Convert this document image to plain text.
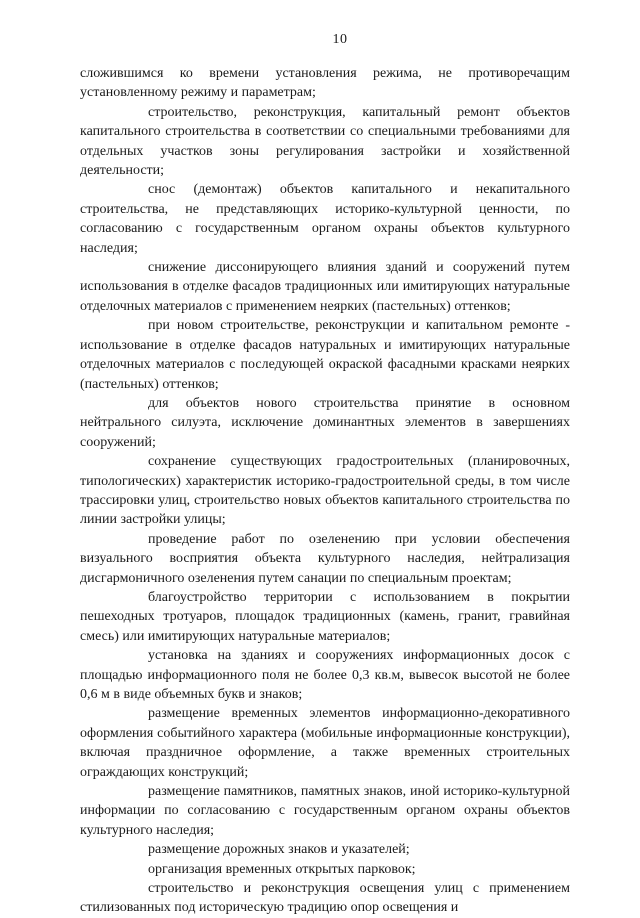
10

сложившимся ко времени установления режима, не противоречащим установленному режиму и параметрам;

строительство, реконструкция, капитальный ремонт объектов капитального строительства в соответствии со специальными требованиями для отдельных участков зоны регулирования застройки и хозяйственной деятельности;

снос (демонтаж) объектов капитального и некапитального строительства, не представляющих историко-культурной ценности, по согласованию с государственным органом охраны объектов культурного наследия;

снижение диссонирующего влияния зданий и сооружений путем использования в отделке фасадов традиционных или имитирующих натуральные отделочных материалов с применением неярких (пастельных) оттенков;

при новом строительстве, реконструкции и капитальном ремонте - использование в отделке фасадов натуральных и имитирующих натуральные отделочных материалов с последующей окраской фасадными красками неярких (пастельных) оттенков;

для объектов нового строительства принятие в основном нейтрального силуэта, исключение доминантных элементов в завершениях сооружений;

сохранение существующих градостроительных (планировочных, типологических) характеристик историко-градостроительной среды, в том числе трассировки улиц, строительство новых объектов капитального строительства по линии застройки улицы;

проведение работ по озеленению при условии обеспечения визуального восприятия объекта культурного наследия, нейтрализация дисгармоничного озеленения путем санации по специальным проектам;

благоустройство территории с использованием в покрытии пешеходных тротуаров, площадок традиционных (камень, гранит, гравийная смесь) или имитирующих натуральные материалов;

установка на зданиях и сооружениях информационных досок с площадью информационного поля не более 0,3 кв.м, вывесок высотой не более 0,6 м в виде объемных букв и знаков;

размещение временных элементов информационно-декоративного оформления событийного характера (мобильные информационные конструкции), включая праздничное оформление, а также временных строительных ограждающих конструкций;

размещение памятников, памятных знаков, иной историко-культурной информации по согласованию с государственным органом охраны объектов культурного наследия;

размещение дорожных знаков и указателей;

организация временных открытых парковок;

строительство и реконструкция освещения улиц с применением стилизованных под историческую традицию опор освещения и
